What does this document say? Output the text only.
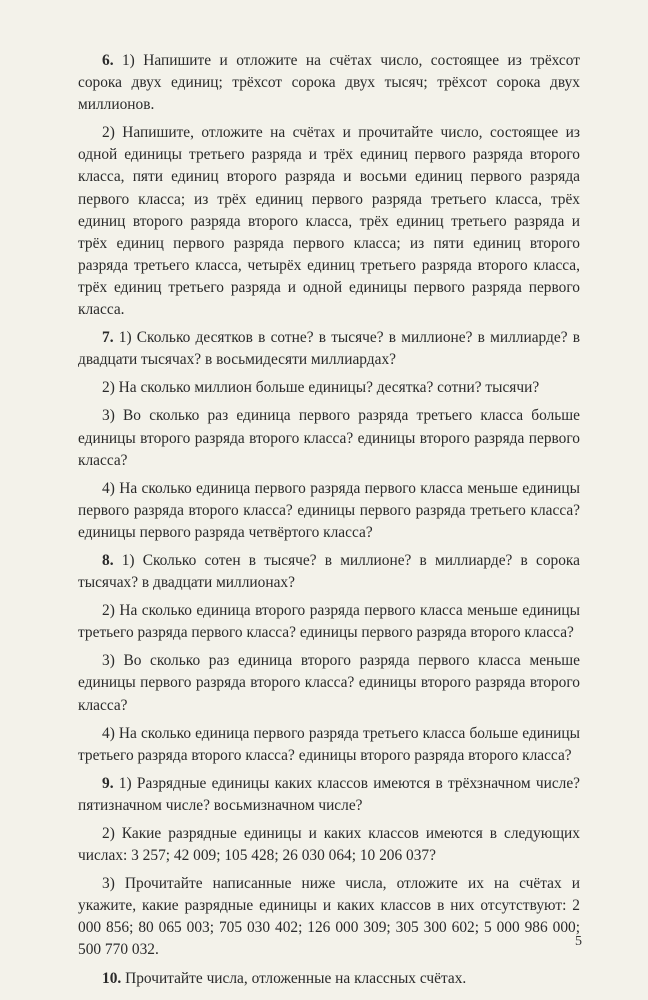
6. 1) Напишите и отложите на счётах число, состоящее из трёхсот сорока двух единиц; трёхсот сорока двух тысяч; трёхсот сорока двух миллионов.

2) Напишите, отложите на счётах и прочитайте число, состоящее из одной единицы третьего разряда и трёх единиц первого разряда второго класса, пяти единиц второго разряда и восьми единиц первого разряда первого класса; из трёх единиц первого разряда третьего класса, трёх единиц второго разряда второго класса, трёх единиц третьего разряда и трёх единиц первого разряда первого класса; из пяти единиц второго разряда третьего класса, четырёх единиц третьего разряда второго класса, трёх единиц третьего разряда и одной единицы первого разряда первого класса.

7. 1) Сколько десятков в сотне? в тысяче? в миллионе? в миллиарде? в двадцати тысячах? в восьмидесяти миллиардах?

2) На сколько миллион больше единицы? десятка? сотни? тысячи?

3) Во сколько раз единица первого разряда третьего класса больше единицы второго разряда второго класса? единицы второго разряда первого класса?

4) На сколько единица первого разряда первого класса меньше единицы первого разряда второго класса? единицы первого разряда третьего класса? единицы первого разряда четвёртого класса?

8. 1) Сколько сотен в тысяче? в миллионе? в миллиарде? в сорока тысячах? в двадцати миллионах?

2) На сколько единица второго разряда первого класса меньше единицы третьего разряда первого класса? единицы первого разряда второго класса?

3) Во сколько раз единица второго разряда первого класса меньше единицы первого разряда второго класса? единицы второго разряда второго класса?

4) На сколько единица первого разряда третьего класса больше единицы третьего разряда второго класса? единицы второго разряда второго класса?

9. 1) Разрядные единицы каких классов имеются в трёхзначном числе? пятизначном числе? восьмизначном числе?

2) Какие разрядные единицы и каких классов имеются в следующих числах: 3 257; 42 009; 105 428; 26 030 064; 10 206 037?

3) Прочитайте написанные ниже числа, отложите их на счётах и укажите, какие разрядные единицы и каких классов в них отсутствуют: 2 000 856; 80 065 003; 705 030 402; 126 000 309; 305 300 602; 5 000 986 000; 500 770 032.

10. Прочитайте числа, отложенные на классных счётах.

5
